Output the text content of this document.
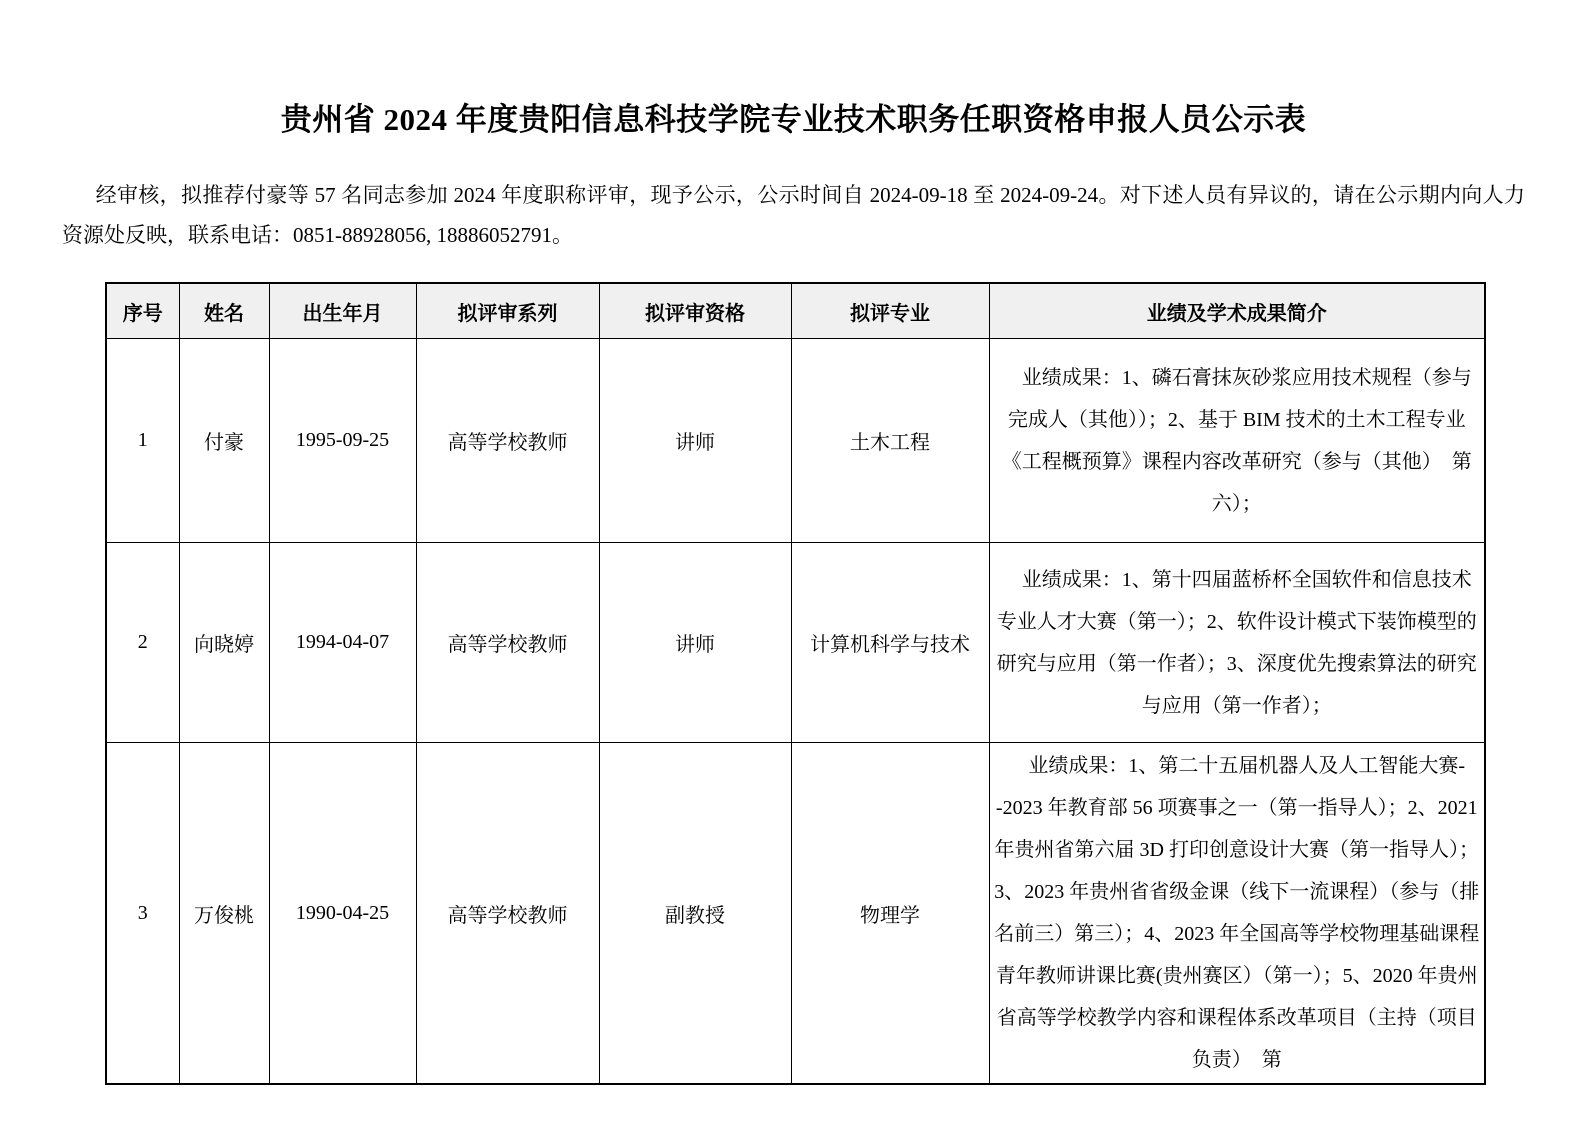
贵州省 2024 年度贵阳信息科技学院专业技术职务任职资格申报人员公示表

经审核，拟推荐付豪等 57 名同志参加 2024 年度职称评审，现予公示，公示时间自 2024-09-18 至 2024-09-24。对下述人员有异议的，请在公示期内向人力资源处反映，联系电话：0851-88928056, 18886052791。

序号	姓名	出生年月	拟评审系列	拟评审资格	拟评专业	业绩及学术成果简介
1	付豪	1995-09-25	高等学校教师	讲师	土木工程	业绩成果：1、磷石膏抹灰砂浆应用技术规程（参与完成人（其他））；2、基于 BIM 技术的土木工程专业《工程概预算》课程内容改革研究（参与（其他）　第六）；
2	向晓婷	1994-04-07	高等学校教师	讲师	计算机科学与技术	业绩成果：1、第十四届蓝桥杯全国软件和信息技术专业人才大赛（第一）；2、软件设计模式下装饰模型的研究与应用（第一作者）；3、深度优先搜索算法的研究与应用（第一作者）；
3	万俊桃	1990-04-25	高等学校教师	副教授	物理学	业绩成果：1、第二十五届机器人及人工智能大赛--2023 年教育部 56 项赛事之一（第一指导人）；2、2021 年贵州省第六届 3D 打印创意设计大赛（第一指导人）；3、2023 年贵州省省级金课（线下一流课程）（参与（排名前三）第三）；4、2023 年全国高等学校物理基础课程青年教师讲课比赛(贵州赛区）（第一）；5、2020 年贵州省高等学校教学内容和课程体系改革项目（主持（项目负责）　第
